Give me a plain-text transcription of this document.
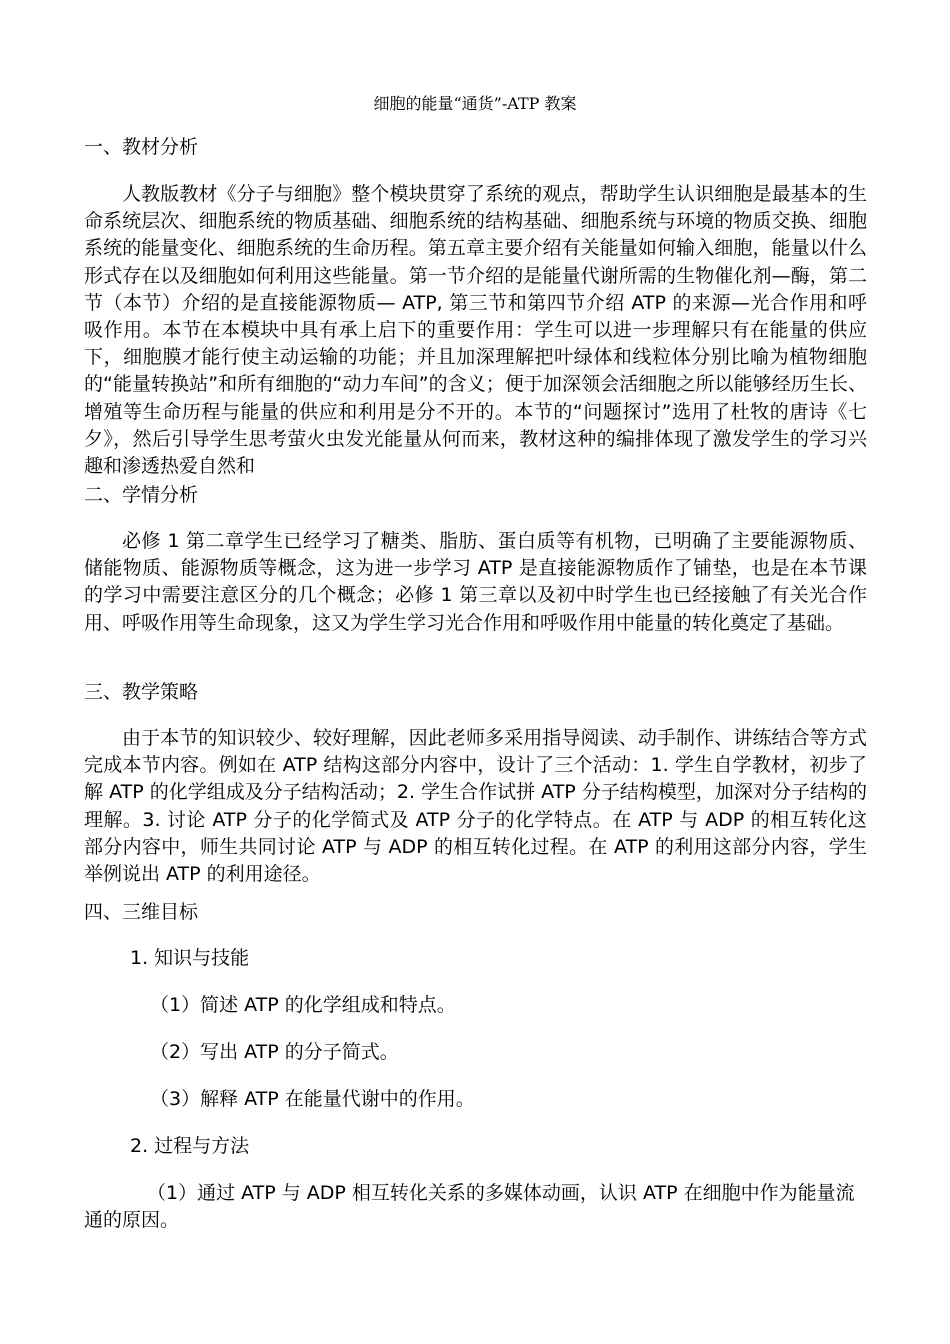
细胞的能量“通货”-ATP 教案
一、教材分析

人教版教材《分子与细胞》整个模块贯穿了系统的观点，帮助学生认识细胞是最基本的生命系统层次、细胞系统的物质基础、细胞系统的结构基础、细胞系统与环境的物质交换、细胞系统的能量变化、细胞系统的生命历程。第五章主要介绍有关能量如何输入细胞，能量以什么形式存在以及细胞如何利用这些能量。第一节介绍的是能量代谢所需的生物催化剂—酶，第二节（本节）介绍的是直接能源物质— ATP, 第三节和第四节介绍 ATP 的来源—光合作用和呼吸作用。本节在本模块中具有承上启下的重要作用：学生可以进一步理解只有在能量的供应下，细胞膜才能行使主动运输的功能；并且加深理解把叶绿体和线粒体分别比喻为植物细胞的“能量转换站”和所有细胞的“动力车间”的含义；便于加深领会活细胞之所以能够经历生长、增殖等生命历程与能量的供应和利用是分不开的。本节的“问题探讨”选用了杜牧的唐诗《七夕》，然后引导学生思考萤火虫发光能量从何而来，教材这种的编排体现了激发学生的学习兴趣和渗透热爱自然和

二、学情分析

必修 1 第二章学生已经学习了糖类、脂肪、蛋白质等有机物，已明确了主要能源物质、储能物质、能源物质等概念，这为进一步学习 ATP 是直接能源物质作了铺垫，也是在本节课的学习中需要注意区分的几个概念；必修 1 第三章以及初中时学生也已经接触了有关光合作用、呼吸作用等生命现象，这又为学生学习光合作用和呼吸作用中能量的转化奠定了基础。

三、教学策略

由于本节的知识较少、较好理解，因此老师多采用指导阅读、动手制作、讲练结合等方式完成本节内容。例如在 ATP 结构这部分内容中，设计了三个活动：1. 学生自学教材，初步了解 ATP 的化学组成及分子结构活动；2. 学生合作试拼 ATP 分子结构模型，加深对分子结构的理解。3. 讨论 ATP 分子的化学简式及 ATP 分子的化学特点。在 ATP 与 ADP 的相互转化这部分内容中，师生共同讨论 ATP 与 ADP 的相互转化过程。在 ATP 的利用这部分内容，学生举例说出 ATP 的利用途径。

四、三维目标
1. 知识与技能
（1）简述 ATP 的化学组成和特点。
（2）写出 ATP 的分子简式。
（3）解释 ATP 在能量代谢中的作用。
2. 过程与方法

（1）通过 ATP 与 ADP 相互转化关系的多媒体动画，认识 ATP 在细胞中作为能量流通的原因。
